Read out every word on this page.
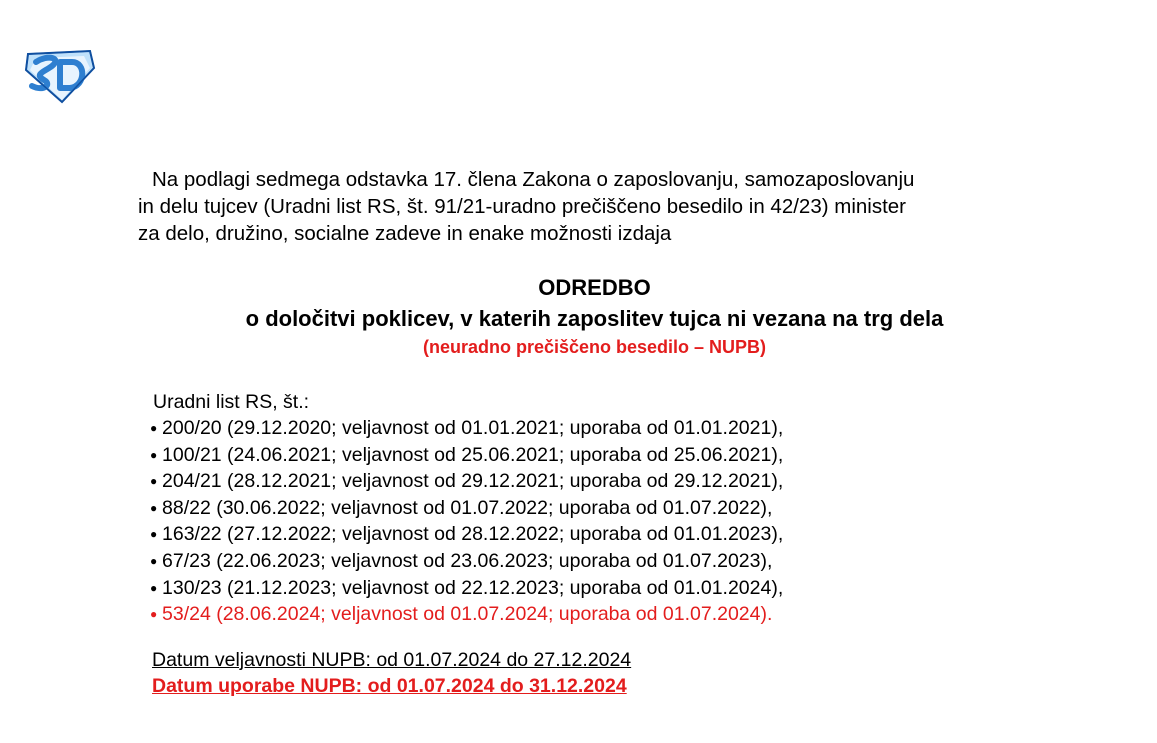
Na podlagi sedmega odstavka 17. člena Zakona o zaposlovanju, samozaposlovanju
in delu tujcev (Uradni list RS, št. 91/21-uradno prečiščeno besedilo in 42/23) minister
za delo, družino, socialne zadeve in enake možnosti izdaja
ODREDBO
o določitvi poklicev, v katerih zaposlitev tujca ni vezana na trg dela
(neuradno prečiščeno besedilo – NUPB)
Uradni list RS, št.:
● 200/20 (29.12.2020; veljavnost od 01.01.2021; uporaba od 01.01.2021),
● 100/21 (24.06.2021; veljavnost od 25.06.2021; uporaba od 25.06.2021),
● 204/21 (28.12.2021; veljavnost od 29.12.2021; uporaba od 29.12.2021),
● 88/22 (30.06.2022; veljavnost od 01.07.2022; uporaba od 01.07.2022),
● 163/22 (27.12.2022; veljavnost od 28.12.2022; uporaba od 01.01.2023),
● 67/23 (22.06.2023; veljavnost od 23.06.2023; uporaba od 01.07.2023),
● 130/23 (21.12.2023; veljavnost od 22.12.2023; uporaba od 01.01.2024),
● 53/24 (28.06.2024; veljavnost od 01.07.2024; uporaba od 01.07.2024).
Datum veljavnosti NUPB: od 01.07.2024 do 27.12.2024
Datum uporabe NUPB: od 01.07.2024 do 31.12.2024
